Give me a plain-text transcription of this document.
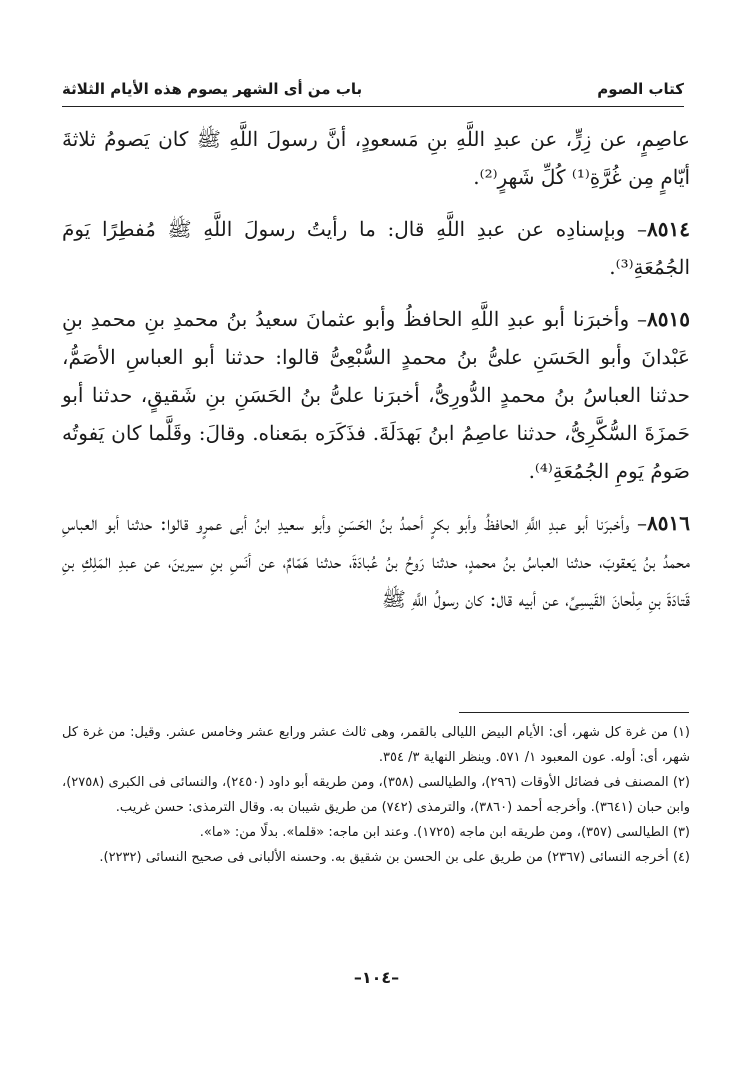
كتاب الصوم
باب من أى الشهر يصوم هذه الأيام الثلاثة

عاصِمٍ، عن زِرٍّ، عن عبدِ اللَّهِ بنِ مَسعودٍ، أنَّ رسولَ اللَّهِ ﷺ كان يَصومُ ثلاثةَ أيّامٍ مِن غُرَّةِ⁽¹⁾ كُلِّ شَهرٍ⁽²⁾.

٨٥١٤– وبإسنادِه عن عبدِ اللَّهِ قال: ما رأيتُ رسولَ اللَّهِ ﷺ مُفطِرًا يَومَ الجُمُعَةِ⁽³⁾.

٨٥١٥– وأخبرَنا أبو عبدِ اللَّهِ الحافظُ وأبو عثمانَ سعيدُ بنُ محمدِ بنِ محمدِ بنِ عَبْدانَ وأبو الحَسَنِ علىُّ بنُ محمدٍ السُّبْعِىُّ قالوا: حدثنا أبو العباسِ الأصَمُّ، حدثنا العباسُ بنُ محمدٍ الدُّورِىُّ، أخبرَنا علىُّ بنُ الحَسَنِ بنِ شَقيقٍ، حدثنا أبو حَمزَةَ السُّكَّرِىُّ، حدثنا عاصِمُ ابنُ بَهدَلَةَ. فذَكَرَه بمَعناه. وقالَ: وقَلَّما كان يَفوتُه صَومُ يَومِ الجُمُعَةِ⁽⁴⁾.

٨٥١٦– وأخبرَنا أبو عبدِ اللَّهِ الحافظُ وأبو بكرٍ أحمدُ بنُ الحَسَنِ وأبو سعيدِ ابنُ أبى عمرٍو قالوا: حدثنا أبو العباسِ محمدُ بنُ يَعقوبَ، حدثنا العباسُ بنُ محمدٍ، حدثنا رَوحُ بنُ عُبادَةَ، حدثنا هَمّامٌ، عن أنَسِ بنِ سيرينَ، عن عبدِ المَلِكِ بنِ قَتادَةَ بنِ مِلْحانَ القَيسِىِّ، عن أبيه قال: كان رسولُ اللَّهِ ﷺ

(١) من غرة كل شهر، أى: الأيام البيض الليالى بالقمر، وهى ثالث عشر ورابع عشر وخامس عشر. وقيل: من غرة كل شهر، أى: أوله. عون المعبود ١/ ٥٧١. وينظر النهاية ٣/ ٣٥٤.

(٢) المصنف فى فضائل الأوقات (٢٩٦)، والطيالسى (٣٥٨)، ومن طريقه أبو داود (٢٤٥٠)، والنسائى فى الكبرى (٢٧٥٨)، وابن حبان (٣٦٤١). وأخرجه أحمد (٣٨٦٠)، والترمذى (٧٤٢) من طريق شيبان به. وقال الترمذى: حسن غريب.

(٣) الطيالسى (٣٥٧)، ومن طريقه ابن ماجه (١٧٢٥). وعند ابن ماجه: «قلما». بدلًا من: «ما».

(٤) أخرجه النسائى (٢٣٦٧) من طريق على بن الحسن بن شقيق به. وحسنه الألبانى فى صحيح النسائى (٢٢٣٢).

–١٠٤–
